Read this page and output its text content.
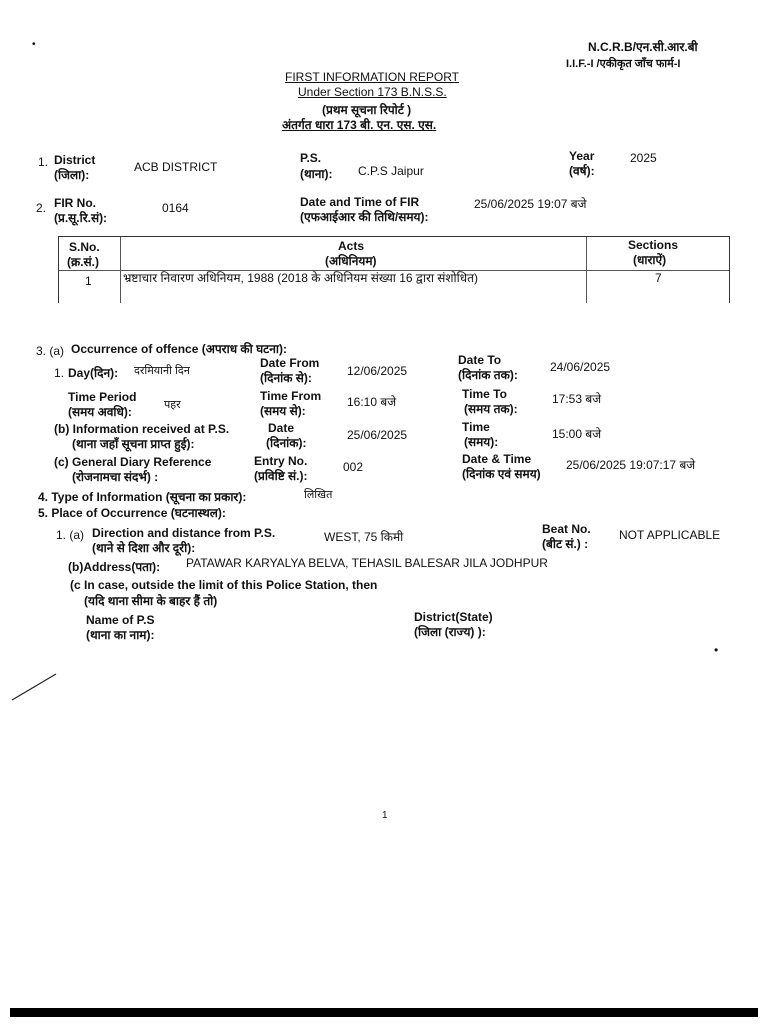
N.C.R.B/एन.सी.आर.बी
I.I.F.-I /एकीकृत जाँच फार्म-I
FIRST INFORMATION REPORT
Under Section 173 B.N.S.S.
(प्रथम सूचना रिपोर्ट )
अंतर्गत धारा 173 बी. एन. एस. एस.
1. District
(जिला):
ACB DISTRICT
P.S.
(थाना): C.P.S Jaipur
Year
(वर्ष):
2025
2. FIR No.
(प्र.सू.रि.सं):
0164	Date and Time of FIR
(एफआईआर की तिथि/समय):
25/06/2025 19:07 बजे
S.No.
(क्र.सं.)
Acts
(अधिनियम)
Sections
(धाराऐं)
1	भ्रष्टाचार निवारण अधिनियम, 1988 (2018 के अधिनियम संख्या 16 द्वारा संशोधित)	7
3. (a) Occurrence of offence (अपराध की घटना):
1. Day(दिन): दरमियानी दिन
Date From
(दिनांक से):	12/06/2025
Date To
(दिनांक तक):
24/06/2025
Time Period
(समय अवधि):	पहर
Time From
(समय से):
16:10 बजे
Time To
(समय तक):
17:53 बजे
(b) Information received at P.S.
(थाना जहाँ सूचना प्राप्त हुई):
Date
(दिनांक):
25/06/2025
Time
(समय):
15:00 बजे
(c) General Diary Reference
(रोजनामचा संदर्भ) :
Entry No.
(प्रविष्टि सं.):
002
Date & Time
(दिनांक एवं समय)
25/06/2025 19:07:17 बजे
4. Type of Information (सूचना का प्रकार):	लिखित
5. Place of Occurrence (घटनास्थल):
1. (a) Direction and distance from P.S.
(थाने से दिशा और दूरी):
WEST, 75 किमी
Beat No.
(बीट सं.) :
NOT APPLICABLE
(b)Address(पता): PATAWAR KARYALYA BELVA, TEHASIL BALESAR JILA JODHPUR
(c In case, outside the limit of this Police Station, then
(यदि थाना सीमा के बाहर हैं तो)
Name of P.S
(थाना का नाम):
District(State)
(जिला (राज्य) ):
•
•
1
